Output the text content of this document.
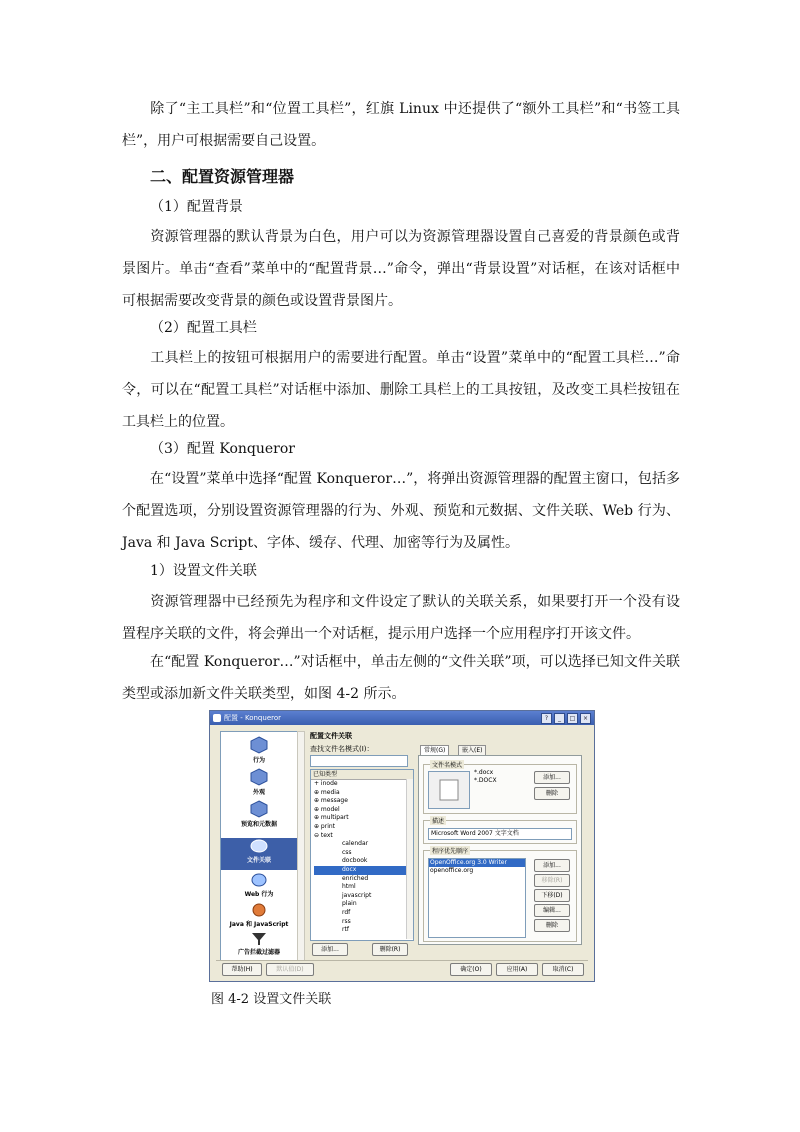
除了“主工具栏”和“位置工具栏”，红旗 Linux 中还提供了“额外工具栏”和“书签工具栏”，用户可根据需要自己设置。

二、配置资源管理器

（1）配置背景

资源管理器的默认背景为白色，用户可以为资源管理器设置自己喜爱的背景颜色或背景图片。单击“查看”菜单中的“配置背景…”命令，弹出“背景设置”对话框，在该对话框中可根据需要改变背景的颜色或设置背景图片。

（2）配置工具栏

工具栏上的按钮可根据用户的需要进行配置。单击“设置”菜单中的“配置工具栏…”命令，可以在“配置工具栏”对话框中添加、删除工具栏上的工具按钮，及改变工具栏按钮在工具栏上的位置。

（3）配置 Konqueror

在“设置”菜单中选择“配置 Konqueror…”，将弹出资源管理器的配置主窗口，包括多个配置选项，分别设置资源管理器的行为、外观、预览和元数据、文件关联、Web 行为、Java 和 Java Script、字体、缓存、代理、加密等行为及属性。

1）设置文件关联

资源管理器中已经预先为程序和文件设定了默认的关联关系，如果要打开一个没有设置程序关联的文件，将会弹出一个对话框，提示用户选择一个应用程序打开该文件。

在“配置 Konqueror…”对话框中，单击左侧的“文件关联”项，可以选择已知文件关联类型或添加新文件关联类型，如图 4-2 所示。

配置 - Konqueror	?	_	□	×
行为
外观
预览和元数据
文件关联
Web 行为
Java 和 JavaScript
广告拦截过滤器
配置文件关联
查找文件名模式(I)：
已知类型
+ inode
⊕ media
⊕ message
⊕ model
⊕ multipart
⊕ print
⊖ text
calendar
css
docbook
docx
enriched
html
javascript
plain
rdf
rss
rtf
添加...	删除(R)
常规(G)	嵌入(E)
文件名模式
*.docx
*.DOCX	添加...
删除
描述
Microsoft Word 2007 文字文档
程序优先顺序
OpenOffice.org 3.0 Writer
openoffice.org
添加...
移除(R)
下移(D)
编辑...
删除
帮助(H)	默认值(D)	确定(O)	应用(A)	取消(C)

图 4-2 设置文件关联
